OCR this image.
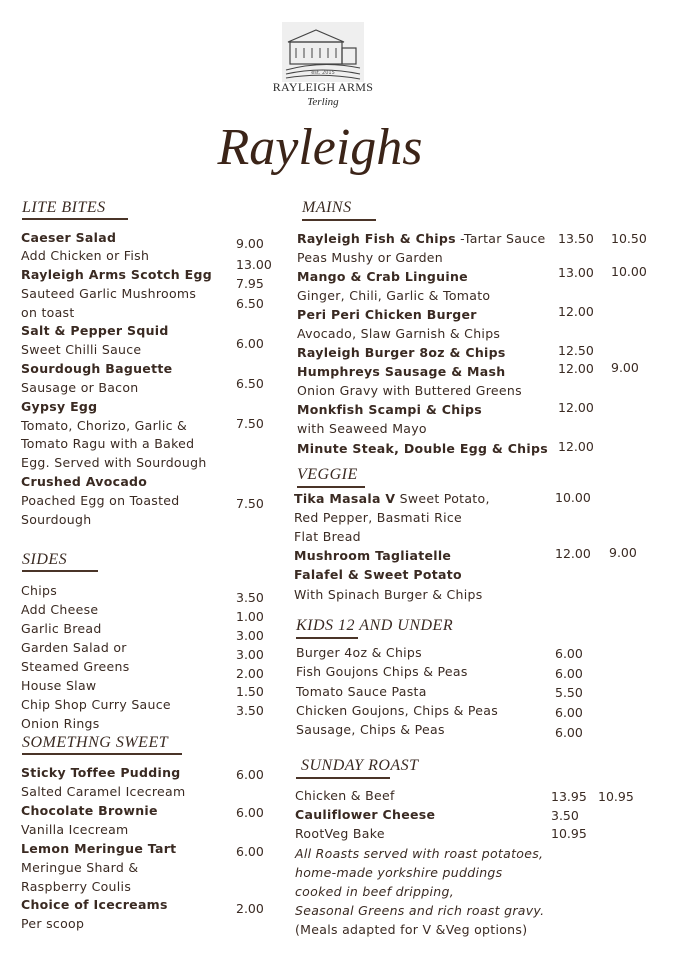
est. 2015
RAYLEIGH ARMS
Terling
Rayleighs
LITE BITES
SIDES
SOMETHNG SWEET
MAINS
VEGGIE
KIDS 12 AND UNDER
SUNDAY ROAST
Rayleigh Fish & Chips -Tartar Sauce
Tika Masala V Sweet Potato,
Caeser Salad
Add Chicken or Fish
Rayleigh Arms Scotch Egg
Sauteed Garlic Mushrooms
on toast
Salt & Pepper Squid
Sweet Chilli Sauce
Sourdough Baguette
Sausage or Bacon
Gypsy Egg
Tomato, Chorizo, Garlic &
Tomato Ragu with a Baked
Egg. Served with Sourdough
Crushed Avocado
Poached Egg on Toasted
Sourdough
9.00
13.00
7.95
6.50
6.00
6.50
7.50
7.50
Chips
Add Cheese
Garlic Bread
Garden Salad or
Steamed Greens
House Slaw
Chip Shop Curry Sauce
Onion Rings
3.50
1.00
3.00
3.00
2.00
1.50
3.50
Sticky Toffee Pudding
Salted Caramel Icecream
Chocolate Brownie
Vanilla Icecream
Lemon Meringue Tart
Meringue Shard &
Raspberry Coulis
Choice of Icecreams
Per scoop
6.00
6.00
6.00
2.00
Peas Mushy or Garden
Mango & Crab Linguine
Ginger, Chili, Garlic & Tomato
Peri Peri Chicken Burger
Avocado, Slaw Garnish & Chips
Rayleigh Burger 8oz & Chips
Humphreys Sausage & Mash
Onion Gravy with Buttered Greens
Monkfish Scampi & Chips
with Seaweed Mayo
Minute Steak, Double Egg & Chips
13.50
13.00
12.00
12.50
12.00
12.00
12.00
10.50
10.00
9.00
Red Pepper, Basmati Rice
Flat Bread
Mushroom Tagliatelle
Falafel & Sweet Potato
With Spinach Burger & Chips
10.00
12.00 9.00
Burger 4oz & Chips
Fish Goujons Chips & Peas
Tomato Sauce Pasta
Chicken Goujons, Chips & Peas
Sausage, Chips & Peas
6.00
6.00
5.50
6.00
6.00
Chicken & Beef
Cauliflower Cheese
RootVeg Bake
All Roasts served with roast potatoes,
home-made yorkshire puddings
cooked in beef dripping,
Seasonal Greens and rich roast gravy.
(Meals adapted for V &Veg options)
13.95
3.50
10.95
10.95
